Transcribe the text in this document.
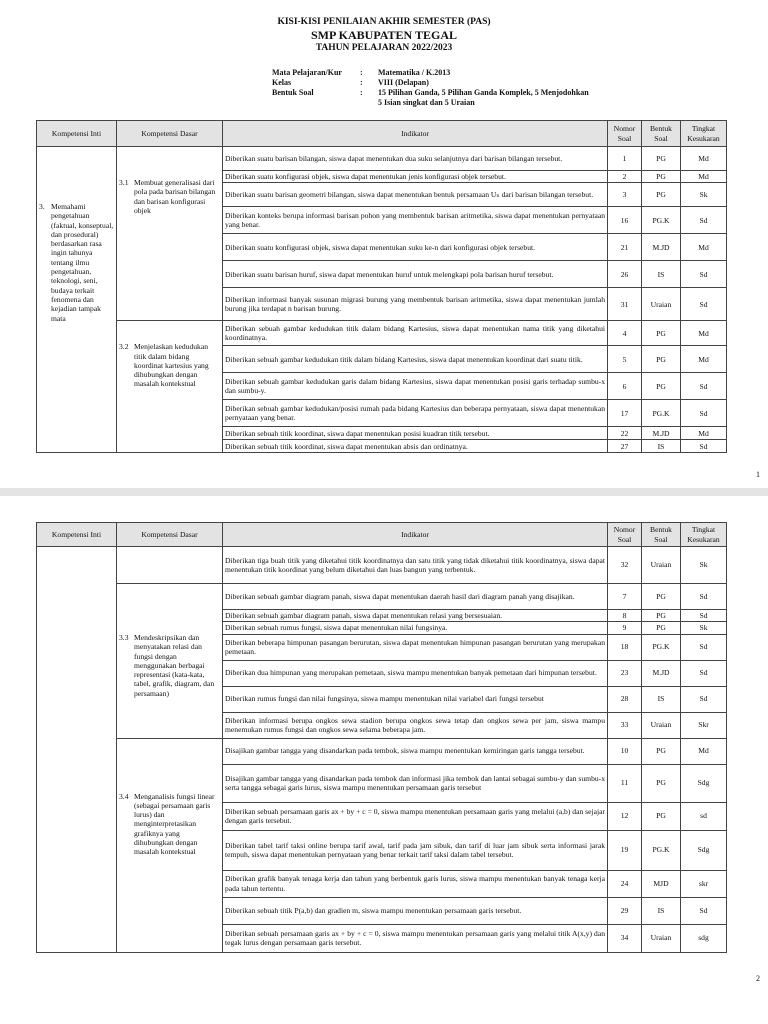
KISI-KISI PENILAIAN AKHIR SEMESTER (PAS)
SMP KABUPATEN TEGAL
TAHUN PELAJARAN 2022/2023
Mata Pelajaran/Kur	:	Matematika / K.2013
Kelas	:	VIII (Delapan)
Bentuk Soal	:	15 Pilihan Ganda, 5 Pilihan Ganda Komplek, 5 Menjodohkan
5 Isian singkat dan 5 Uraian
Kompetensi Inti	Kompetensi Dasar	Indikator	Nomor Soal	Bentuk Soal	Tingkat Kesukaran

3. Memahami pengetahuan (faktual, konseptual, dan prosedural) berdasarkan rasa ingin tahunya tentang ilmu pengetahuan, teknologi, seni, budaya terkait fenomena dan kejadian tampak mata	3.1 Membuat generalisasi dari pola pada barisan bilangan dan barisan konfigurasi objek	Diberikan suatu barisan bilangan, siswa dapat menentukan dua suku selanjutnya dari barisan bilangan tersebut.	1	PG	Md
		Diberikan suatu konfigurasi objek, siswa dapat menentukan jenis konfigurasi objek tersebut.	2	PG	Md
		Diberikan suatu barisan geometri bilangan, siswa dapat menentukan bentuk persamaan Uₙ dari barisan bilangan tersebut.	3	PG	Sk
		Diberikan konteks berupa informasi barisan pohon yang membentuk barisan aritmetika, siswa dapat menentukan pernyataan yang benar.	16	PG.K	Sd
		Diberikan suatu konfigurasi objek, siswa dapat menentukan suku ke-n dari konfigurasi objek tersebut.	21	M.JD	Md
		Diberikan suatu barisan huruf, siswa dapat menentukan huruf untuk melengkapi pola barisan huruf tersebut.	26	IS	Sd
		Diberikan informasi banyak susunan migrasi burung yang membentuk barisan aritmetika, siswa dapat menentukan jumlah burung jika terdapat n barisan burung.	31	Uraian	Sd

	3.2 Menjelaskan kedudukan titik dalam bidang koordinat kartesius yang dihubungkan dengan masalah kontekstual	Diberikan sebuah gambar kedudukan titik dalam bidang Kartesius, siswa dapat menentukan nama titik yang diketahui koordinatnya.	4	PG	Md
		Diberikan sebuah gambar kedudukan titik dalam bidang Kartesius, siswa dapat menentukan koordinat dari suatu titik.	5	PG	Md
		Diberikan sebuah gambar kedudukan garis dalam bidang Kartesius, siswa dapat menentukan posisi garis terhadap sumbu-x dan sumbu-y.	6	PG	Sd
		Diberikan sebuah gambar kedudukan/posisi rumah pada bidang Kartesius dan beberapa pernyataan, siswa dapat menentukan pernyataan yang benar.	17	PG.K	Sd
		Diberikan sebuah titik koordinat, siswa dapat menentukan posisi kuadran titik tersebut.	22	M.JD	Md
		Diberikan sebuah titik koordinat, siswa dapat menentukan absis dan ordinatnya.	27	IS	Sd
1
Kompetensi Inti	Kompetensi Dasar	Indikator	Nomor Soal	Bentuk Soal	Tingkat Kesukaran
		Diberikan tiga buah titik yang diketahui titik koordinatnya dan satu titik yang tidak diketahui titik koordinatnya, siswa dapat menentukan titik koordinat yang belum diketahui dan luas bangun yang terbentuk.	32	Uraian	Sk

	3.3 Mendeskripsikan dan menyatakan relasi dan fungsi dengan menggunakan berbagai representasi (kata-kata, tabel, grafik, diagram, dan persamaan)	Diberikan sebuah gambar diagram panah, siswa dapat menentukan daerah hasil dari diagram panah yang disajikan.	7	PG	Sd
		Diberikan sebuah gambar diagram panah, siswa dapat menentukan relasi yang bersesuaian.	8	PG	Sd
		Diberikan sebuah rumus fungsi, siswa dapat menentukan nilai fungsinya.	9	PG	Sk
		Diberikan beberapa himpunan pasangan berurutan, siswa dapat menentukan himpunan pasangan berurutan yang merupakan pemetaan.	18	PG.K	Sd
		Diberikan dua himpunan yang merupakan pemetaan, siswa mampu menentukan banyak pemetaan dari himpunan tersebut.	23	M.JD	Sd
		Diberikan rumus fungsi dan nilai fungsinya, siswa mampu menentukan nilai variabel dari fungsi tersebut	28	IS	Sd
		Diberikan informasi berupa ongkos sewa stadion berupa ongkos sewa tetap dan ongkos sewa per jam, siswa mampu menemukan rumus fungsi dan ongkos sewa selama beberapa jam.	33	Uraian	Skr

	3.4 Menganalisis fungsi linear (sebagai persamaan garis lurus) dan menginterpretasikan grafiknya yang dihubungkan dengan masalah kontekstual	Disajikan gambar tangga yang disandarkan pada tembok, siswa mampu menentukan kemiringan garis tangga tersebut.	10	PG	Md
		Disajikan gambar tangga yang disandarkan pada tembok dan informasi jika tembok dan lantai sebagai sumbu-y dan sumbu-x serta tangga sebagai garis lurus, siswa mampu menentukan persamaan garis tersebut	11	PG	Sdg
		Diberikan sebuah persamaan garis ax + by + c = 0, siswa mampu menentukan persamaan garis yang melalui (a,b) dan sejajar dengan garis tersebut.	12	PG	sd
		Diberikan tabel tarif taksi online berupa tarif awal, tarif pada jam sibuk, dan tarif di luar jam sibuk serta informasi jarak tempuh, siswa dapat menentukan pernyataan yang benar terkait tarif taksi dalam tabel tersebut.	19	PG.K	Sdg
		Diberikan grafik banyak tenaga kerja dan tahun yang berbentuk garis lurus, siswa mampu menentukan banyak tenaga kerja pada tahun tertentu.	24	MJD	skr
		Diberikan sebuah titik P(a,b) dan gradien m, siswa mampu menentukan persamaan garis tersebut.	29	IS	Sd
		Diberikan sebuah persamaan garis ax + by + c = 0, siswa mampu menentukan persamaan garis yang melalui titik A(x,y) dan tegak lurus dengan persamaan garis tersebut.	34	Uraian	sdg
2
